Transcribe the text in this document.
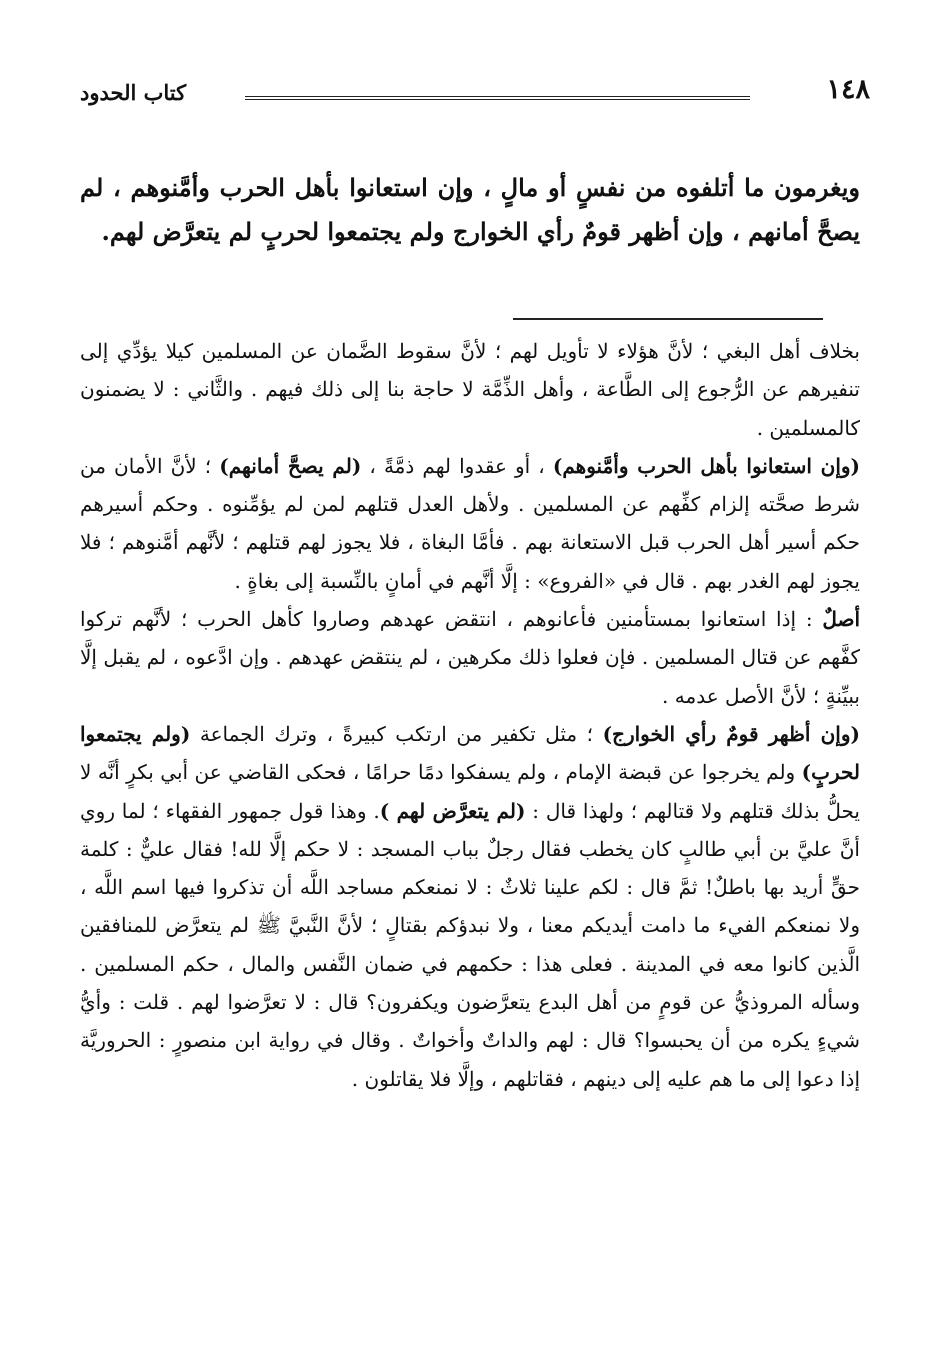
١٤٨
كتاب الحدود
ويغرمون ما أتلفوه من نفسٍ أو مالٍ ، وإن استعانوا بأهل الحرب وأمَّنوهم ، لم يصحَّ أمانهم ، وإن أظهر قومٌ رأي الخوارج ولم يجتمعوا لحربٍ لم يتعرَّض لهم.

بخلاف أهل البغي ؛ لأنَّ هؤلاء لا تأويل لهم ؛ لأنَّ سقوط الضَّمان عن المسلمين كيلا يؤدِّي إلى تنفيرهم عن الرُّجوع إلى الطَّاعة ، وأهل الذِّمَّة لا حاجة بنا إلى ذلك فيهم . والثَّاني : لا يضمنون كالمسلمين .

(وإن استعانوا بأهل الحرب وأمَّنوهم) ، أو عقدوا لهم ذمَّةً ، (لم يصحَّ أمانهم) ؛ لأنَّ الأمان من شرط صحَّته إلزام كفِّهم عن المسلمين . ولأهل العدل قتلهم لمن لم يؤمِّنوه . وحكم أسيرهم حكم أسير أهل الحرب قبل الاستعانة بهم . فأمَّا البغاة ، فلا يجوز لهم قتلهم ؛ لأنَّهم أمَّنوهم ؛ فلا يجوز لهم الغدر بهم . قال في «الفروع» : إلَّا أنَّهم في أمانٍ بالنِّسبة إلى بغاةٍ .

أصلٌ : إذا استعانوا بمستأمنين فأعانوهم ، انتقض عهدهم وصاروا كأهل الحرب ؛ لأنَّهم تركوا كفَّهم عن قتال المسلمين . فإن فعلوا ذلك مكرهين ، لم ينتقض عهدهم . وإن ادَّعوه ، لم يقبل إلَّا ببيِّنةٍ ؛ لأنَّ الأصل عدمه .

(وإن أظهر قومٌ رأي الخوارج) ؛ مثل تكفير من ارتكب كبيرةً ، وترك الجماعة (ولم يجتمعوا لحربٍ) ولم يخرجوا عن قبضة الإمام ، ولم يسفكوا دمًا حرامًا ، فحكى القاضي عن أبي بكرٍ أنَّه لا يحلُّ بذلك قتلهم ولا قتالهم ؛ ولهذا قال : (لم يتعرَّض لهم ). وهذا قول جمهور الفقهاء ؛ لما روي أنَّ عليَّ بن أبي طالبٍ كان يخطب فقال رجلٌ بباب المسجد : لا حكم إلَّا لله! فقال عليٌّ : كلمة حقٍّ أريد بها باطلٌ! ثمَّ قال : لكم علينا ثلاثٌ : لا نمنعكم مساجد اللَّه أن تذكروا فيها اسم اللَّه ، ولا نمنعكم الفيء ما دامت أيديكم معنا ، ولا نبدؤكم بقتالٍ ؛ لأنَّ النَّبيَّ ﷺ لم يتعرَّض للمنافقين الَّذين كانوا معه في المدينة . فعلى هذا : حكمهم في ضمان النَّفس والمال ، حكم المسلمين . وسأله المروذيُّ عن قومٍ من أهل البدع يتعرَّضون ويكفرون؟ قال : لا تعرَّضوا لهم . قلت : وأيُّ شيءٍ يكره من أن يحبسوا؟ قال : لهم والداتٌ وأخواتٌ . وقال في رواية ابن منصورٍ : الحروريَّة إذا دعوا إلى ما هم عليه إلى دينهم ، فقاتلهم ، وإلَّا فلا يقاتلون .
